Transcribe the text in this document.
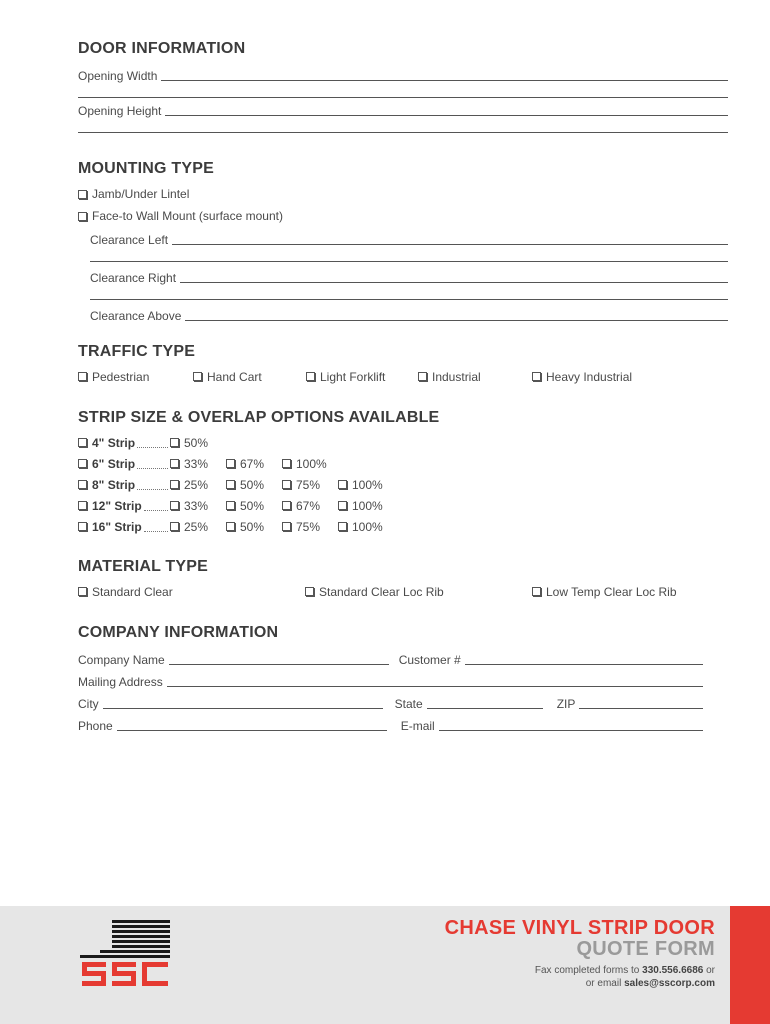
DOOR INFORMATION
Opening Width
Opening Height
MOUNTING TYPE
Jamb/Under Lintel
Face-to Wall Mount (surface mount)
Clearance Left
Clearance Right
Clearance Above
TRAFFIC TYPE
Pedestrian	Hand Cart	Light Forklift	Industrial	Heavy Industrial
STRIP SIZE & OVERLAP OPTIONS AVAILABLE
4" Strip	50%
6" Strip	33%	67%	100%
8" Strip	25%	50%	75%	100%
12" Strip	33%	50%	67%	100%
16" Strip	25%	50%	75%	100%
MATERIAL TYPE
Standard Clear	Standard Clear Loc Rib	Low Temp Clear Loc Rib
COMPANY INFORMATION
Company Name	Customer #
Mailing Address
City	State	ZIP
Phone	E-mail
CHASE VINYL STRIP DOOR
QUOTE FORM
Fax completed forms to 330.556.6686 or
or email sales@sscorp.com
